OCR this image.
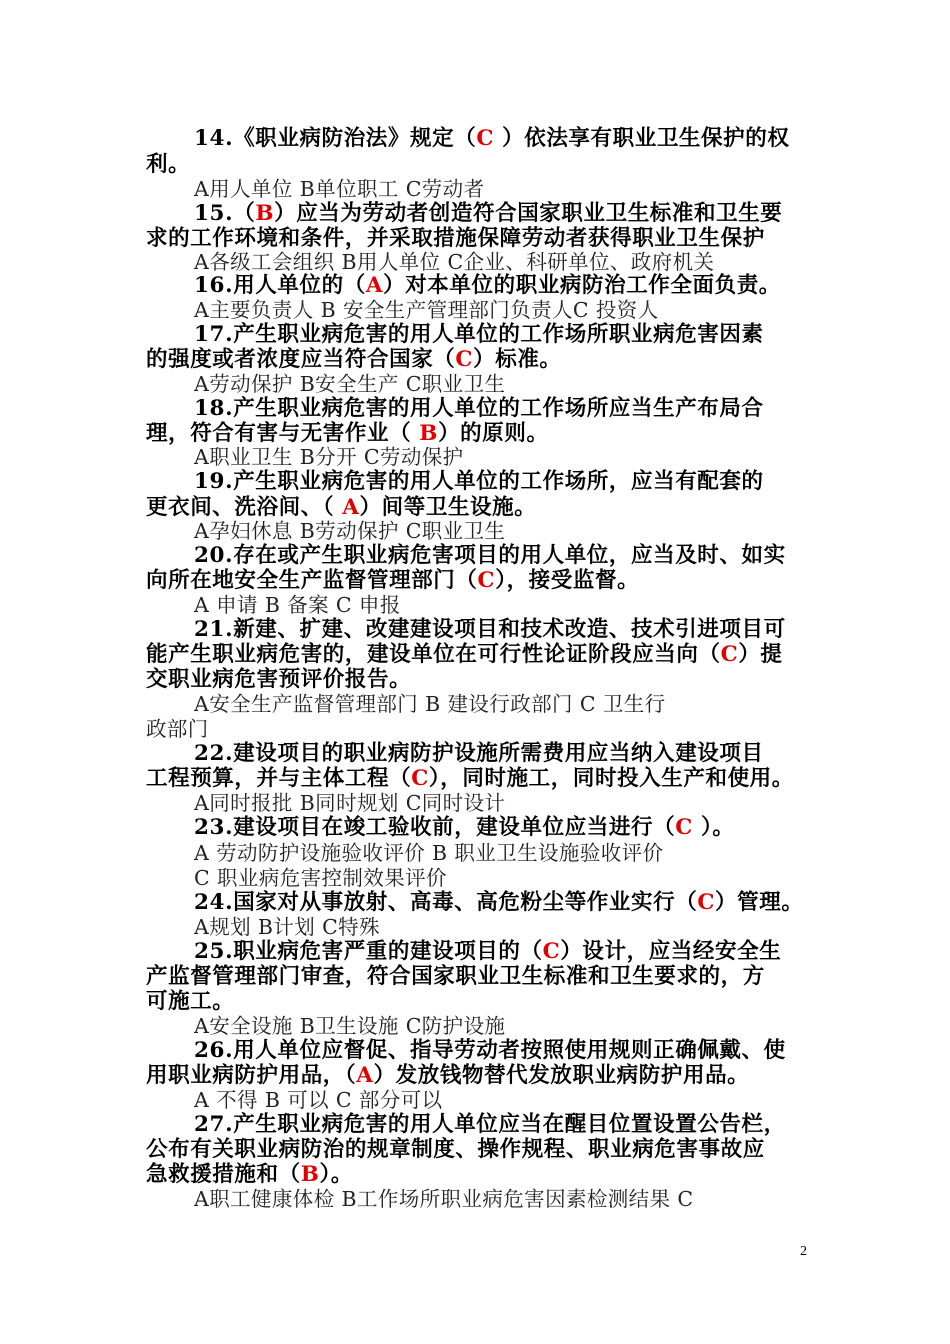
14.《职业病防治法》规定（C ）依法享有职业卫生保护的权
利。
A用人单位 B单位职工 C劳动者
15.（B）应当为劳动者创造符合国家职业卫生标准和卫生要
求的工作环境和条件，并采取措施保障劳动者获得职业卫生保护
A各级工会组织 B用人单位 C企业、科研单位、政府机关
16.用人单位的（A）对本单位的职业病防治工作全面负责。
A主要负责人 B 安全生产管理部门负责人C 投资人
17.产生职业病危害的用人单位的工作场所职业病危害因素
的强度或者浓度应当符合国家（C）标准。
A劳动保护 B安全生产 C职业卫生
18.产生职业病危害的用人单位的工作场所应当生产布局合
理，符合有害与无害作业（ B）的原则。
A职业卫生 B分开 C劳动保护
19.产生职业病危害的用人单位的工作场所，应当有配套的
更衣间、洗浴间、（ A）间等卫生设施。
A孕妇休息 B劳动保护 C职业卫生
20.存在或产生职业病危害项目的用人单位，应当及时、如实
向所在地安全生产监督管理部门（C），接受监督。
A 申请 B 备案 C 申报
21.新建、扩建、改建建设项目和技术改造、技术引进项目可
能产生职业病危害的，建设单位在可行性论证阶段应当向（C）提
交职业病危害预评价报告。
A安全生产监督管理部门 B 建设行政部门 C 卫生行
政部门
22.建设项目的职业病防护设施所需费用应当纳入建设项目
工程预算，并与主体工程（C），同时施工，同时投入生产和使用。
A同时报批 B同时规划 C同时设计
23.建设项目在竣工验收前，建设单位应当进行（C ）。
A 劳动防护设施验收评价 B 职业卫生设施验收评价
C 职业病危害控制效果评价
24.国家对从事放射、高毒、高危粉尘等作业实行（C）管理。
A规划 B计划 C特殊
25.职业病危害严重的建设项目的（C）设计，应当经安全生
产监督管理部门审查，符合国家职业卫生标准和卫生要求的，方
可施工。
A安全设施 B卫生设施 C防护设施
26.用人单位应督促、指导劳动者按照使用规则正确佩戴、使
用职业病防护用品，（A）发放钱物替代发放职业病防护用品。
A 不得 B 可以 C 部分可以
27.产生职业病危害的用人单位应当在醒目位置设置公告栏，
公布有关职业病防治的规章制度、操作规程、职业病危害事故应
急救援措施和（B）。
A职工健康体检 B工作场所职业病危害因素检测结果 C
2
